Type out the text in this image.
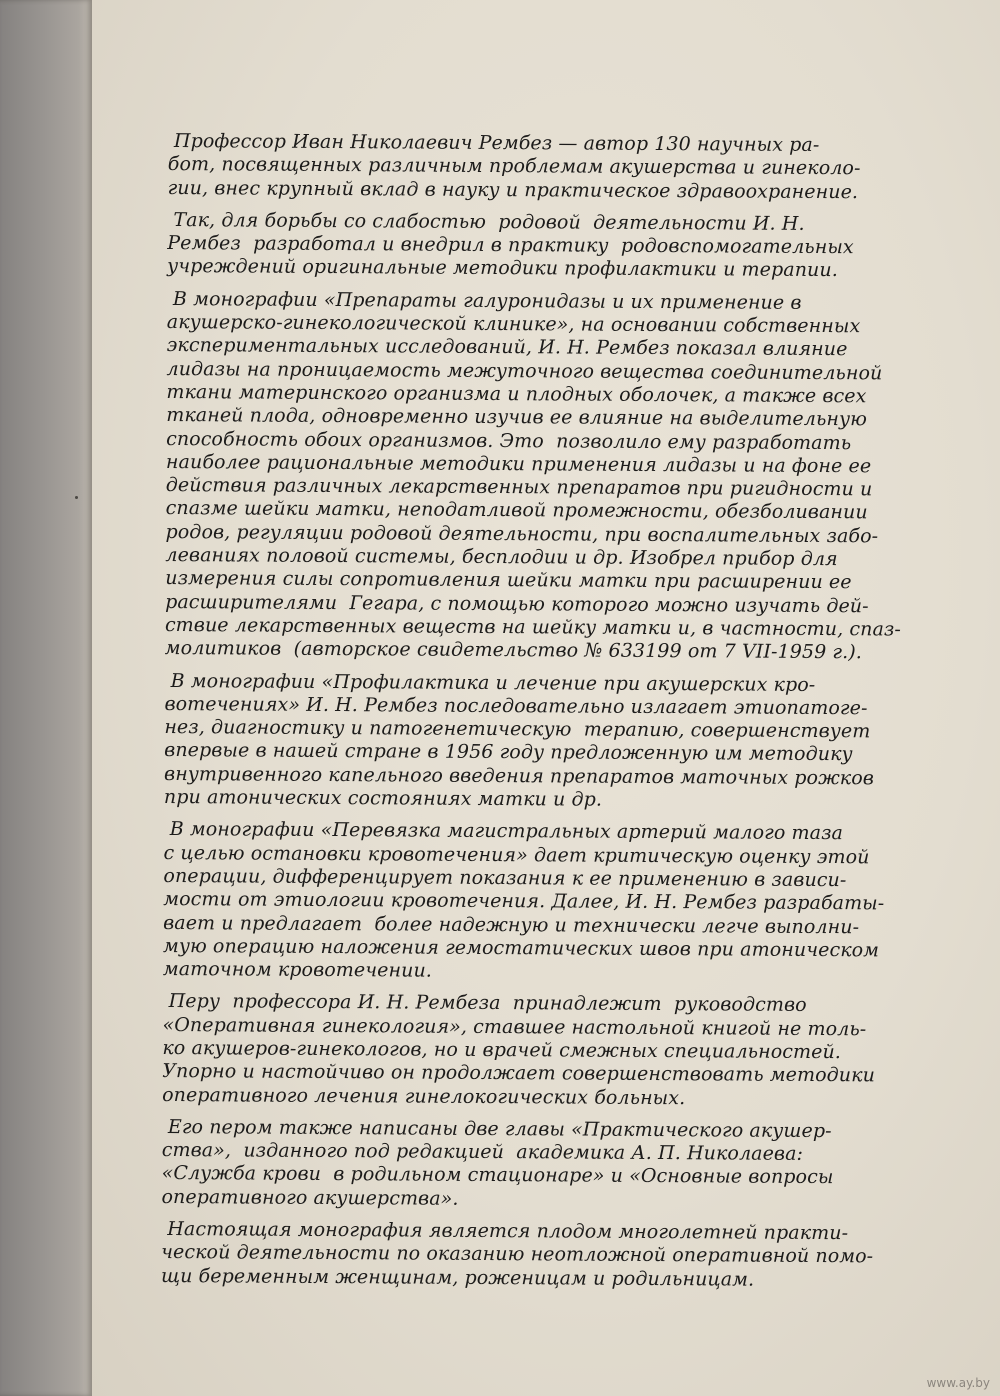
Профессор Иван Николаевич Рембез — автор 130 научных ра-
бот, посвященных различным проблемам акушерства и гинеколо-
гии, внес крупный вклад в науку и практическое здравоохранение.
Так, для борьбы со слабостью  родовой  деятельности И. Н.
Рембез  разработал и внедрил в практику  родовспомогательных
учреждений оригинальные методики профилактики и терапии.
В монографии «Препараты галуронидазы и их применение в
акушерско-гинекологической клинике», на основании собственных
экспериментальных исследований, И. Н. Рембез показал влияние
лидазы на проницаемость межуточного вещества соединительной
ткани материнского организма и плодных оболочек, а также всех
тканей плода, одновременно изучив ее влияние на выделительную
способность обоих организмов. Это  позволило ему разработать
наиболее рациональные методики применения лидазы и на фоне ее
действия различных лекарственных препаратов при ригидности и
спазме шейки матки, неподатливой промежности, обезболивании
родов, регуляции родовой деятельности, при воспалительных забо-
леваниях половой системы, бесплодии и др. Изобрел прибор для
измерения силы сопротивления шейки матки при расширении ее
расширителями  Гегара, с помощью которого можно изучать дей-
ствие лекарственных веществ на шейку матки и, в частности, спаз-
молитиков  (авторское свидетельство № 633199 от 7 VII-1959 г.).
В монографии «Профилактика и лечение при акушерских кро-
вотечениях» И. Н. Рембез последовательно излагает этиопатоге-
нез, диагностику и патогенетическую  терапию, совершенствует
впервые в нашей стране в 1956 году предложенную им методику
внутривенного капельного введения препаратов маточных рожков
при атонических состояниях матки и др.
В монографии «Перевязка магистральных артерий малого таза
с целью остановки кровотечения» дает критическую оценку этой
операции, дифференцирует показания к ее применению в зависи-
мости от этиологии кровотечения. Далее, И. Н. Рембез разрабаты-
вает и предлагает  более надежную и технически легче выполни-
мую операцию наложения гемостатических швов при атоническом
маточном кровотечении.
Перу  профессора И. Н. Рембеза  принадлежит  руководство
«Оперативная гинекология», ставшее настольной книгой не толь-
ко акушеров-гинекологов, но и врачей смежных специальностей.
Упорно и настойчиво он продолжает совершенствовать методики
оперативного лечения гинелокогических больных.
Его пером также написаны две главы «Практического акушер-
ства»,  изданного под редакцией  академика А. П. Николаева:
«Служба крови  в родильном стационаре» и «Основные вопросы
оперативного акушерства».
Настоящая монография является плодом многолетней практи-
ческой деятельности по оказанию неотложной оперативной помо-
щи беременным женщинам, роженицам и родильницам.
www.ay.by
